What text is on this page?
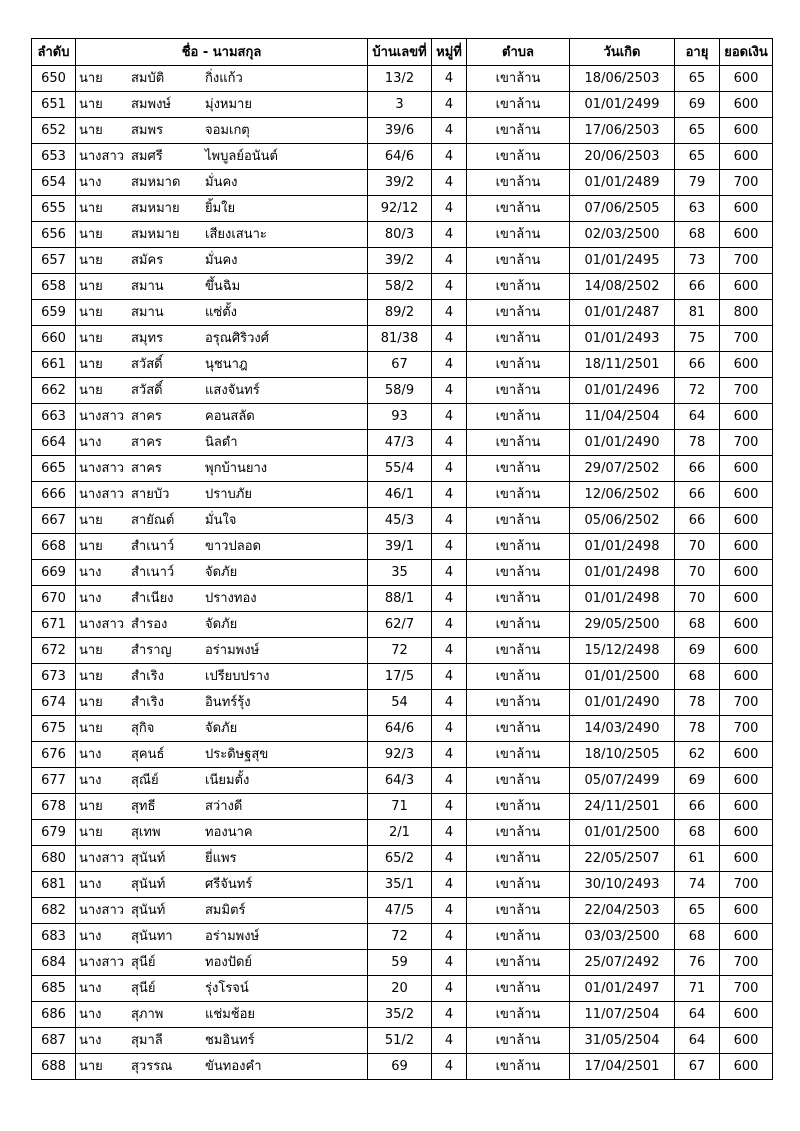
ลำดับ	ชื่อ - นามสกุล	บ้านเลขที่	หมู่ที่	ตำบล	วันเกิด	อายุ	ยอดเงิน
650	นาย สมบัติ กิ่งแก้ว	13/2	4	เขาล้าน	18/06/2503	65	600
651	นาย สมพงษ์ มุ่งหมาย	3	4	เขาล้าน	01/01/2499	69	600
652	นาย สมพร จอมเกตุ	39/6	4	เขาล้าน	17/06/2503	65	600
653	นางสาว สมศรี ไพบูลย์อนันต์	64/6	4	เขาล้าน	20/06/2503	65	600
654	นาง สมหมาด มั่นคง	39/2	4	เขาล้าน	01/01/2489	79	700
655	นาย สมหมาย ยิ้มใย	92/12	4	เขาล้าน	07/06/2505	63	600
656	นาย สมหมาย เสียงเสนาะ	80/3	4	เขาล้าน	02/03/2500	68	600
657	นาย สมัคร มั่นคง	39/2	4	เขาล้าน	01/01/2495	73	700
658	นาย สมาน ขึ้นฉิม	58/2	4	เขาล้าน	14/08/2502	66	600
659	นาย สมาน แซ่ตั้ง	89/2	4	เขาล้าน	01/01/2487	81	800
660	นาย สมุทร อรุณศิริวงศ์	81/38	4	เขาล้าน	01/01/2493	75	700
661	นาย สวัสดิ์ นุชนาฎ	67	4	เขาล้าน	18/11/2501	66	600
662	นาย สวัสดิ์ แสงจันทร์	58/9	4	เขาล้าน	01/01/2496	72	700
663	นางสาว สาคร คอนสลัด	93	4	เขาล้าน	11/04/2504	64	600
664	นาง สาคร นิลดำ	47/3	4	เขาล้าน	01/01/2490	78	700
665	นางสาว สาคร พุกบ้านยาง	55/4	4	เขาล้าน	29/07/2502	66	600
666	นางสาว สายบัว ปราบภัย	46/1	4	เขาล้าน	12/06/2502	66	600
667	นาย สายัณต์ มั่นใจ	45/3	4	เขาล้าน	05/06/2502	66	600
668	นาย สำเนาว์ ขาวปลอด	39/1	4	เขาล้าน	01/01/2498	70	600
669	นาง สำเนาว์ จัดภัย	35	4	เขาล้าน	01/01/2498	70	600
670	นาง สำเนียง ปรางทอง	88/1	4	เขาล้าน	01/01/2498	70	600
671	นางสาว สำรอง จัดภัย	62/7	4	เขาล้าน	29/05/2500	68	600
672	นาย สำราญ อร่ามพงษ์	72	4	เขาล้าน	15/12/2498	69	600
673	นาย สำเริง เปรียบปราง	17/5	4	เขาล้าน	01/01/2500	68	600
674	นาย สำเริง อินทร์รุ้ง	54	4	เขาล้าน	01/01/2490	78	700
675	นาย สุกิจ จัดภัย	64/6	4	เขาล้าน	14/03/2490	78	700
676	นาง สุคนธ์ ประดิษฐสุข	92/3	4	เขาล้าน	18/10/2505	62	600
677	นาง สุณีย์ เนียมตั้ง	64/3	4	เขาล้าน	05/07/2499	69	600
678	นาย สุทธี สว่างดี	71	4	เขาล้าน	24/11/2501	66	600
679	นาย สุเทพ ทองนาค	2/1	4	เขาล้าน	01/01/2500	68	600
680	นางสาว สุนันท์ ยี่แพร	65/2	4	เขาล้าน	22/05/2507	61	600
681	นาง สุนันท์ ศรีจันทร์	35/1	4	เขาล้าน	30/10/2493	74	700
682	นางสาว สุนันท์ สมมิตร์	47/5	4	เขาล้าน	22/04/2503	65	600
683	นาง สุนันทา อร่ามพงษ์	72	4	เขาล้าน	03/03/2500	68	600
684	นางสาว สุนีย์ ทองปัดย์	59	4	เขาล้าน	25/07/2492	76	700
685	นาง สุนีย์ รุ่งโรจน์	20	4	เขาล้าน	01/01/2497	71	700
686	นาง สุภาพ แช่มช้อย	35/2	4	เขาล้าน	11/07/2504	64	600
687	นาง สุมาลี ชมอินทร์	51/2	4	เขาล้าน	31/05/2504	64	600
688	นาย สุวรรณ ขันทองคำ	69	4	เขาล้าน	17/04/2501	67	600
